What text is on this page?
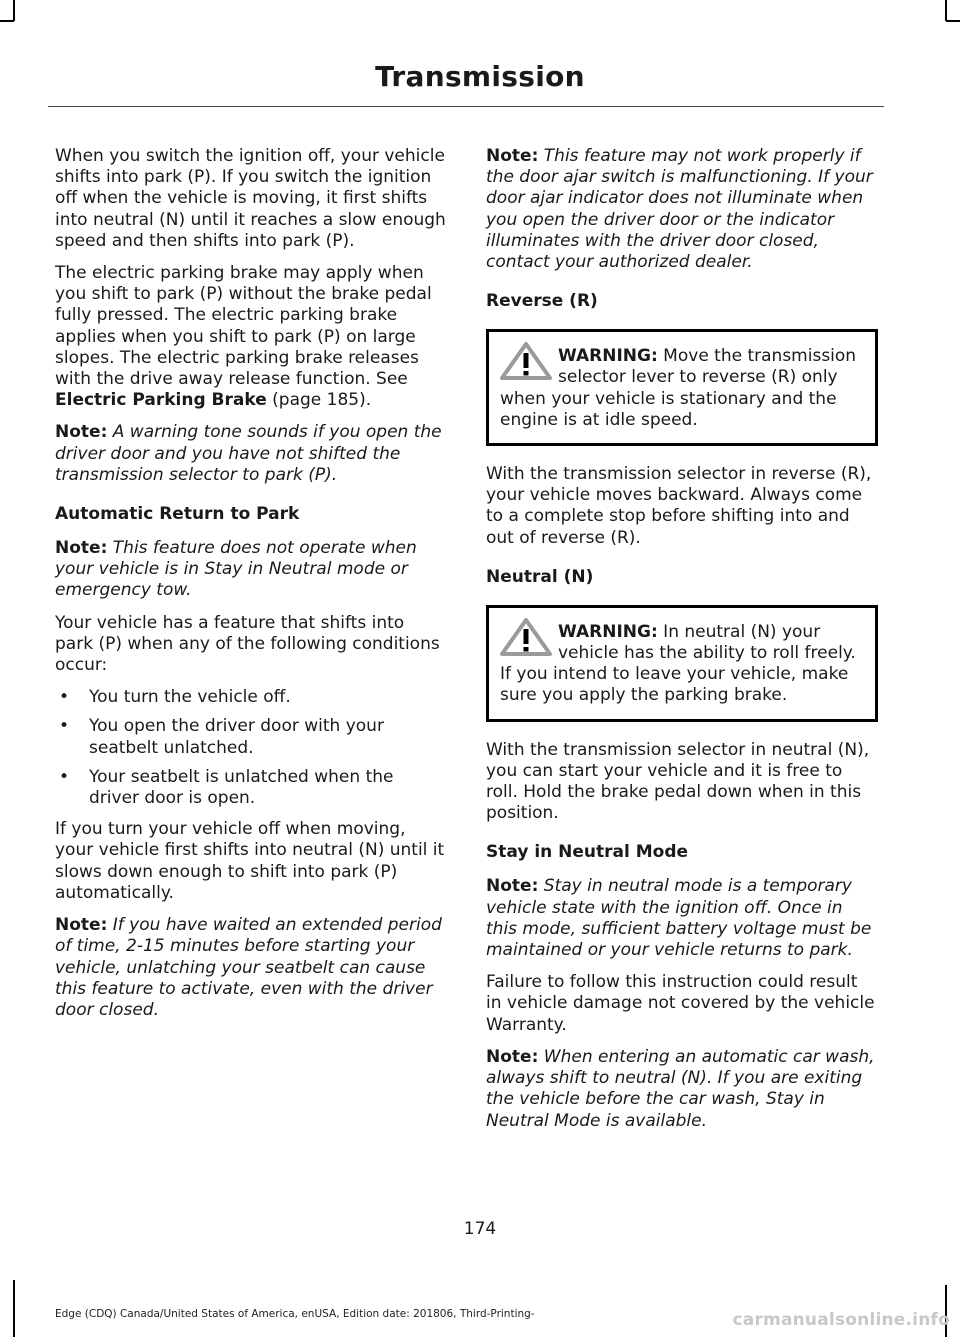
Transmission

When you switch the ignition off, your vehicle shifts into park (P). If you switch the ignition off when the vehicle is moving, it first shifts into neutral (N) until it reaches a slow enough speed and then shifts into park (P).

The electric parking brake may apply when you shift to park (P) without the brake pedal fully pressed. The electric parking brake applies when you shift to park (P) on large slopes. The electric parking brake releases with the drive away release function. See Electric Parking Brake (page 185).

Note: A warning tone sounds if you open the driver door and you have not shifted the transmission selector to park (P).

Automatic Return to Park

Note: This feature does not operate when your vehicle is in Stay in Neutral mode or emergency tow.

Your vehicle has a feature that shifts into park (P) when any of the following conditions occur:

• You turn the vehicle off.
• You open the driver door with your seatbelt unlatched.
• Your seatbelt is unlatched when the driver door is open.

If you turn your vehicle off when moving, your vehicle first shifts into neutral (N) until it slows down enough to shift into park (P) automatically.

Note: If you have waited an extended period of time, 2-15 minutes before starting your vehicle, unlatching your seatbelt can cause this feature to activate, even with the driver door closed.

Note: This feature may not work properly if the door ajar switch is malfunctioning. If your door ajar indicator does not illuminate when you open the driver door or the indicator illuminates with the driver door closed, contact your authorized dealer.

Reverse (R)
WARNING: Move the transmission selector lever to reverse (R) only when your vehicle is stationary and the engine is at idle speed.

With the transmission selector in reverse (R), your vehicle moves backward. Always come to a complete stop before shifting into and out of reverse (R).

Neutral (N)
WARNING: In neutral (N) your vehicle has the ability to roll freely. If you intend to leave your vehicle, make sure you apply the parking brake.

With the transmission selector in neutral (N), you can start your vehicle and it is free to roll. Hold the brake pedal down when in this position.

Stay in Neutral Mode

Note: Stay in neutral mode is a temporary vehicle state with the ignition off. Once in this mode, sufficient battery voltage must be maintained or your vehicle returns to park.

Failure to follow this instruction could result in vehicle damage not covered by the vehicle Warranty.

Note: When entering an automatic car wash, always shift to neutral (N). If you are exiting the vehicle before the car wash, Stay in Neutral Mode is available.

174
Edge (CDQ) Canada/United States of America, enUSA, Edition date: 201806, Third-Printing-	carmanualsonline.info
